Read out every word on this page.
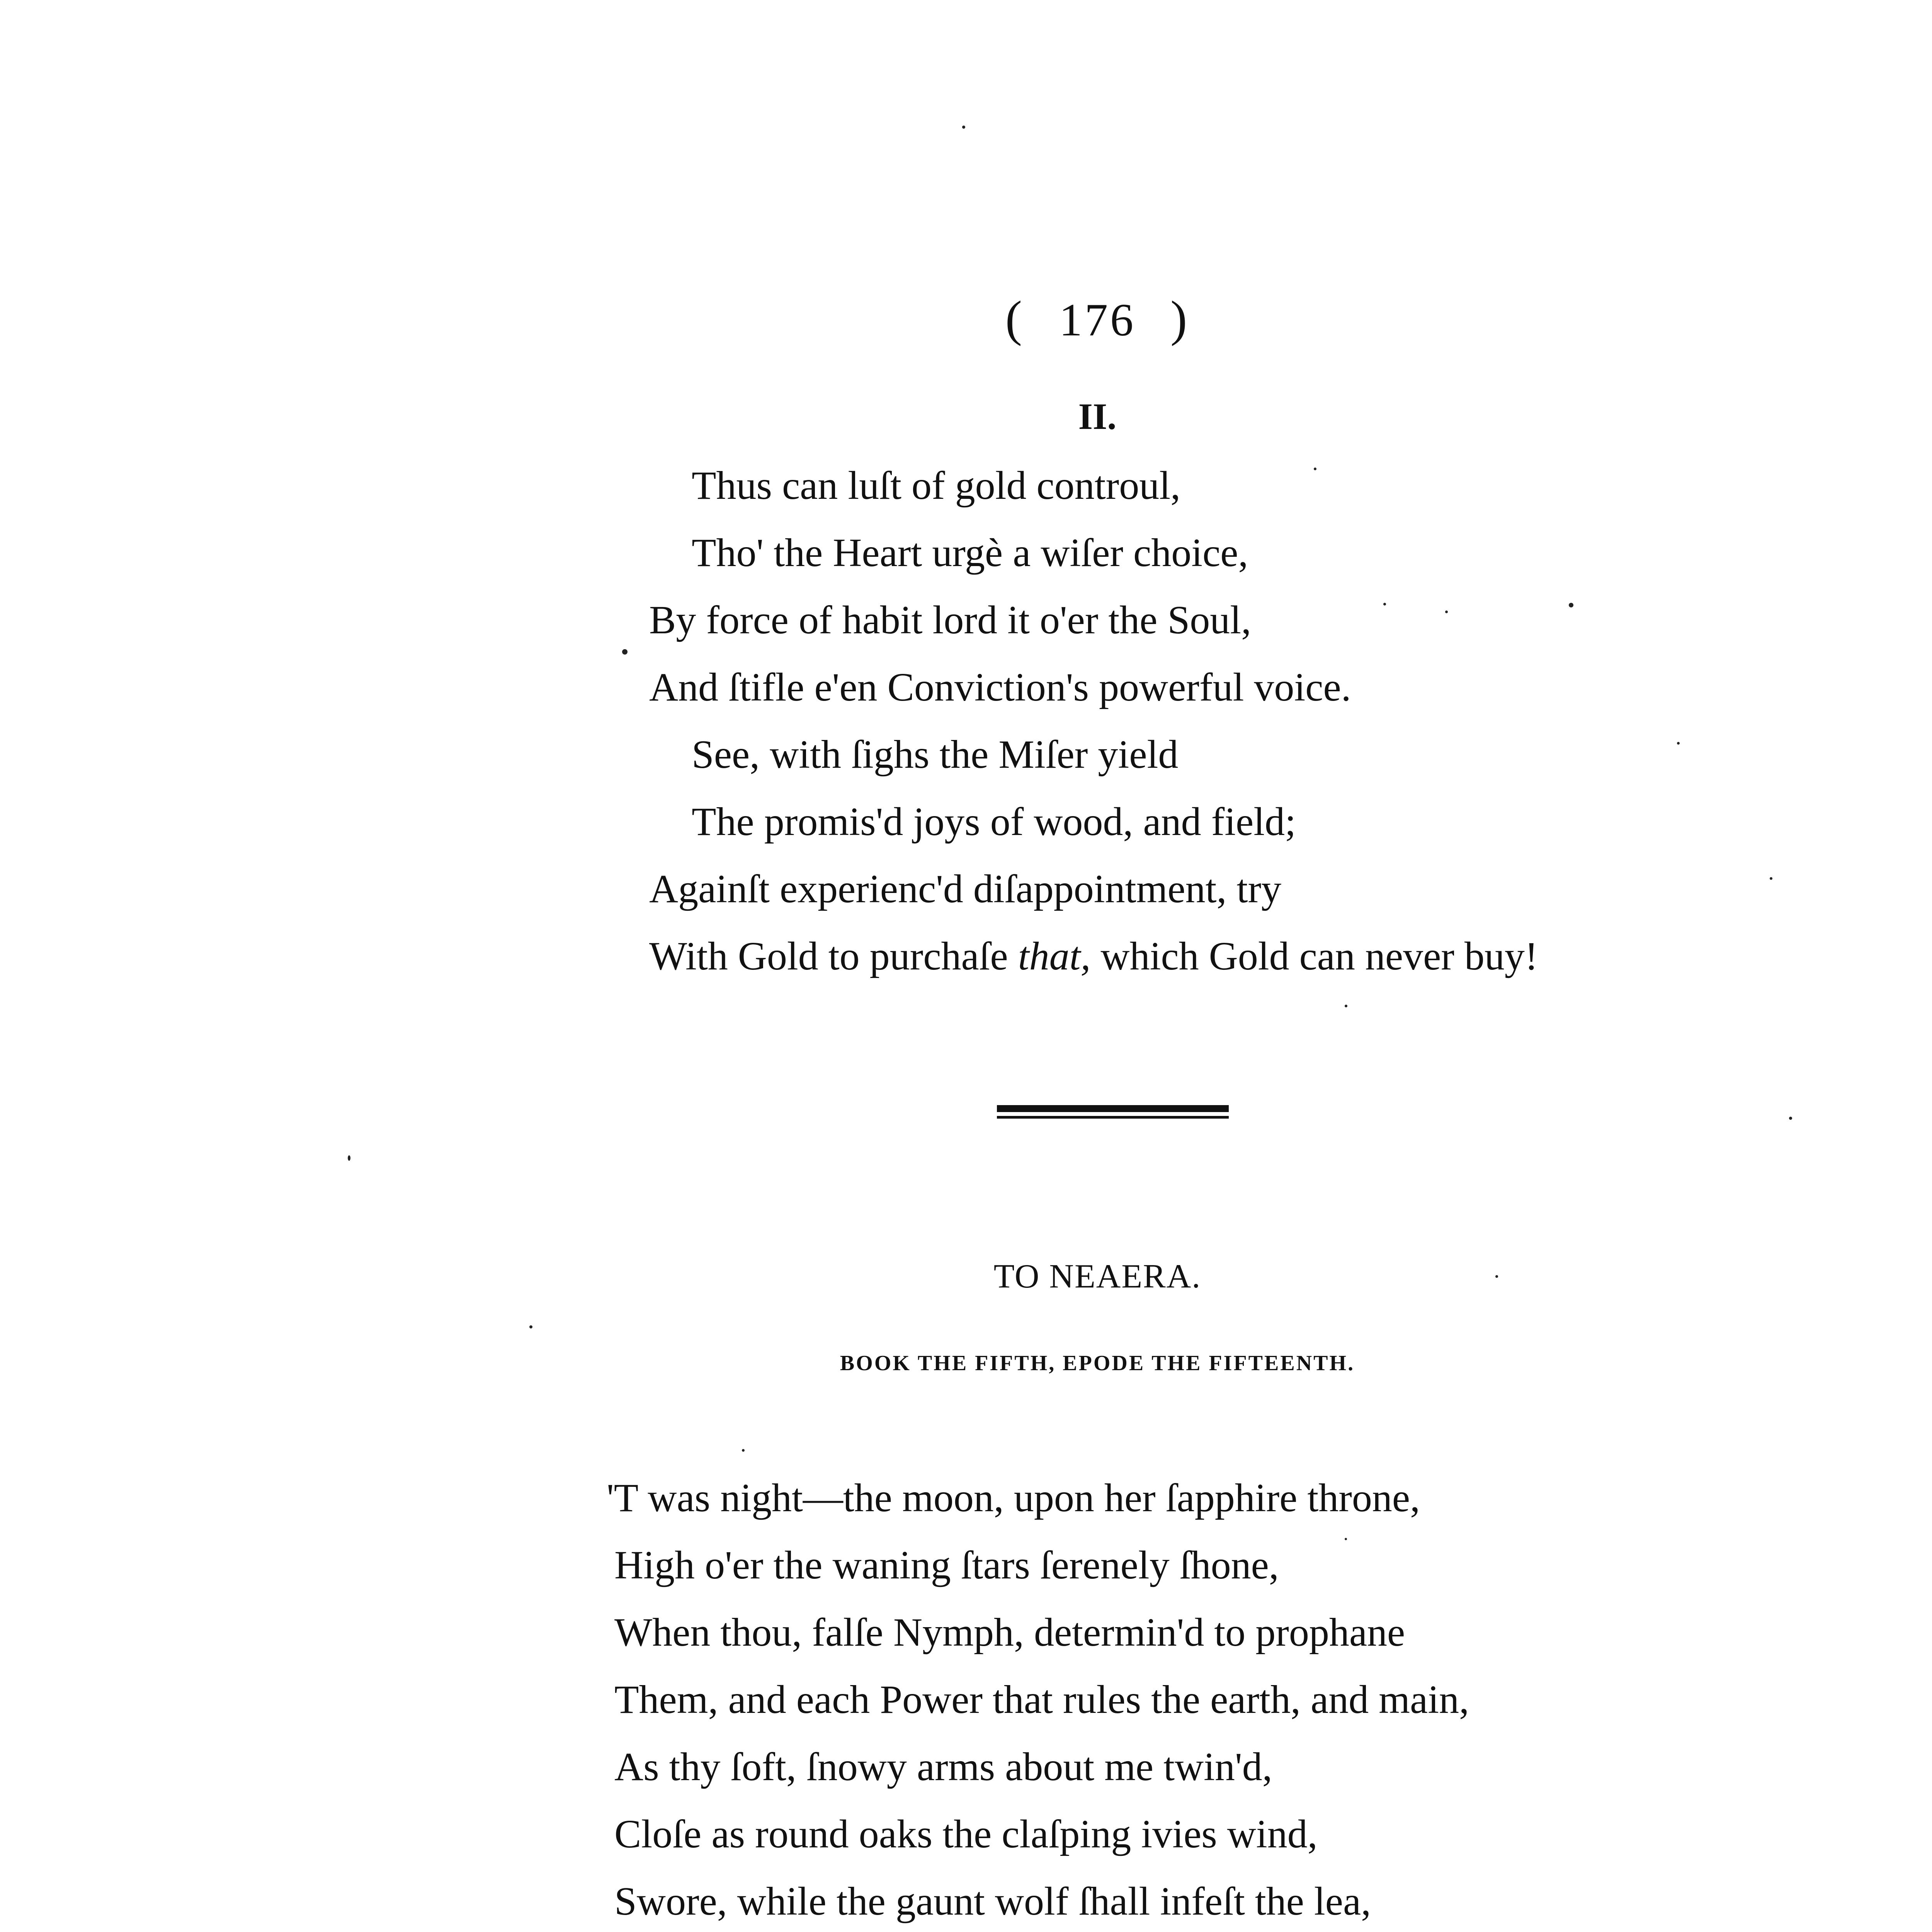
( 176 )
II.
Thus can luſt of gold controul,
Tho' the Heart urgè a wiſer choice,
By force of habit lord it o'er the Soul,
And ſtifle e'en Conviction's powerful voice.
See, with ſighs the Miſer yield
The promis'd joys of wood, and field;
Againſt experienc'd diſappointment, try
With Gold to purchaſe that, which Gold can never buy!
TO NEAERA.
BOOK THE FIFTH, EPODE THE FIFTEENTH.
'T was night—the moon, upon her ſapphire throne,
High o'er the waning ſtars ſerenely ſhone,
When thou, falſe Nymph, determin'd to prophane
Them, and each Power that rules the earth, and main,
As thy ſoft, ſnowy arms about me twin'd,
Cloſe as round oaks the claſping ivies wind,
Swore, while the gaunt wolf ſhall infeſt the lea,
